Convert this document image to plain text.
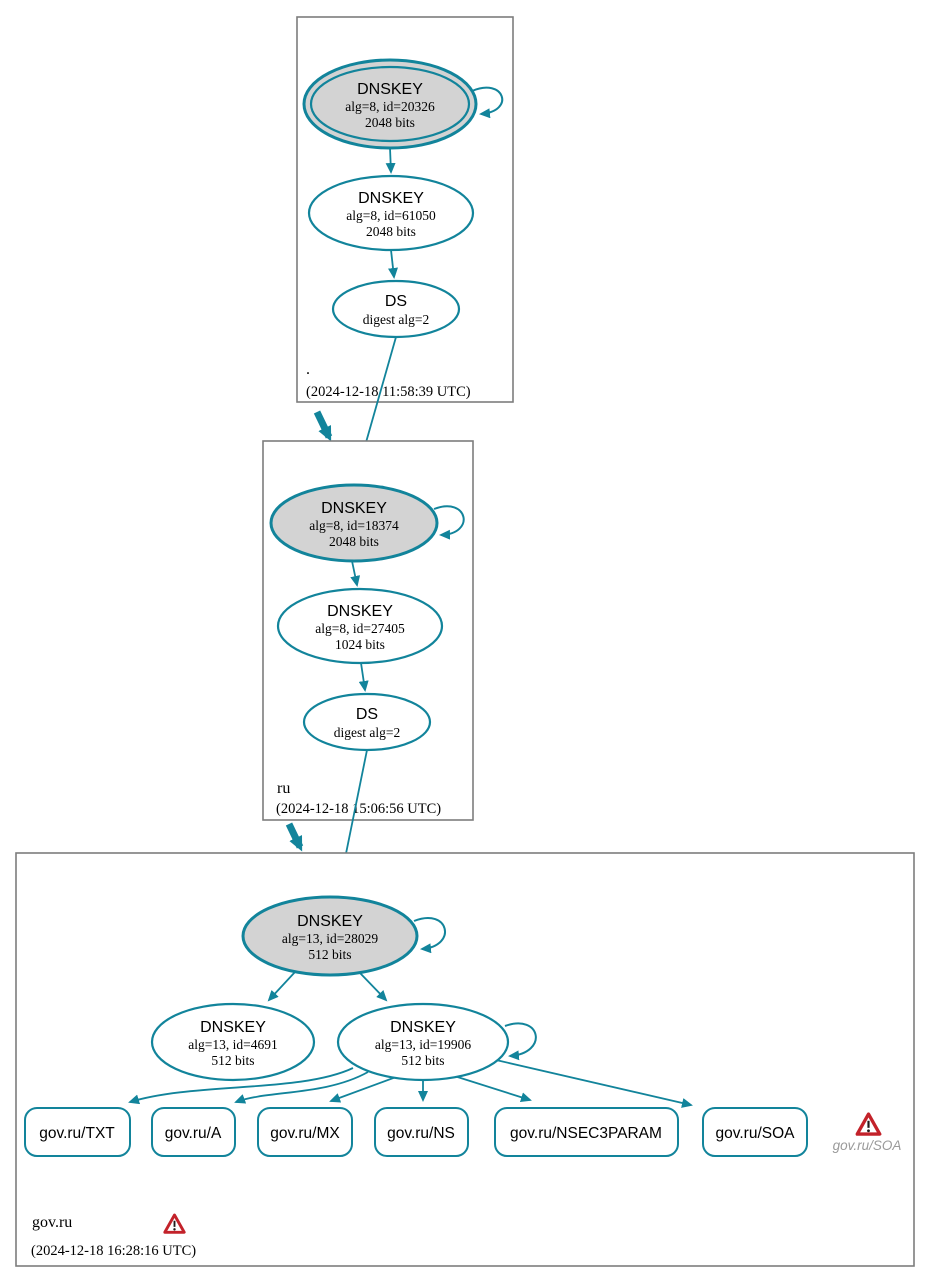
DNSKEY
alg=8, id=20326
2048 bits
DNSKEY
alg=8, id=61050
2048 bits
DS
digest alg=2
.
(2024-12-18 11:58:39 UTC)
DNSKEY
alg=8, id=18374
2048 bits
DNSKEY
alg=8, id=27405
1024 bits
DS
digest alg=2
ru
(2024-12-18 15:06:56 UTC)
DNSKEY
alg=13, id=28029
512 bits
DNSKEY
alg=13, id=4691
512 bits
DNSKEY
alg=13, id=19906
512 bits
gov.ru/TXT	gov.ru/A	gov.ru/MX	gov.ru/NS	gov.ru/NSEC3PARAM	gov.ru/SOA
gov.ru/SOA
gov.ru
(2024-12-18 16:28:16 UTC)
